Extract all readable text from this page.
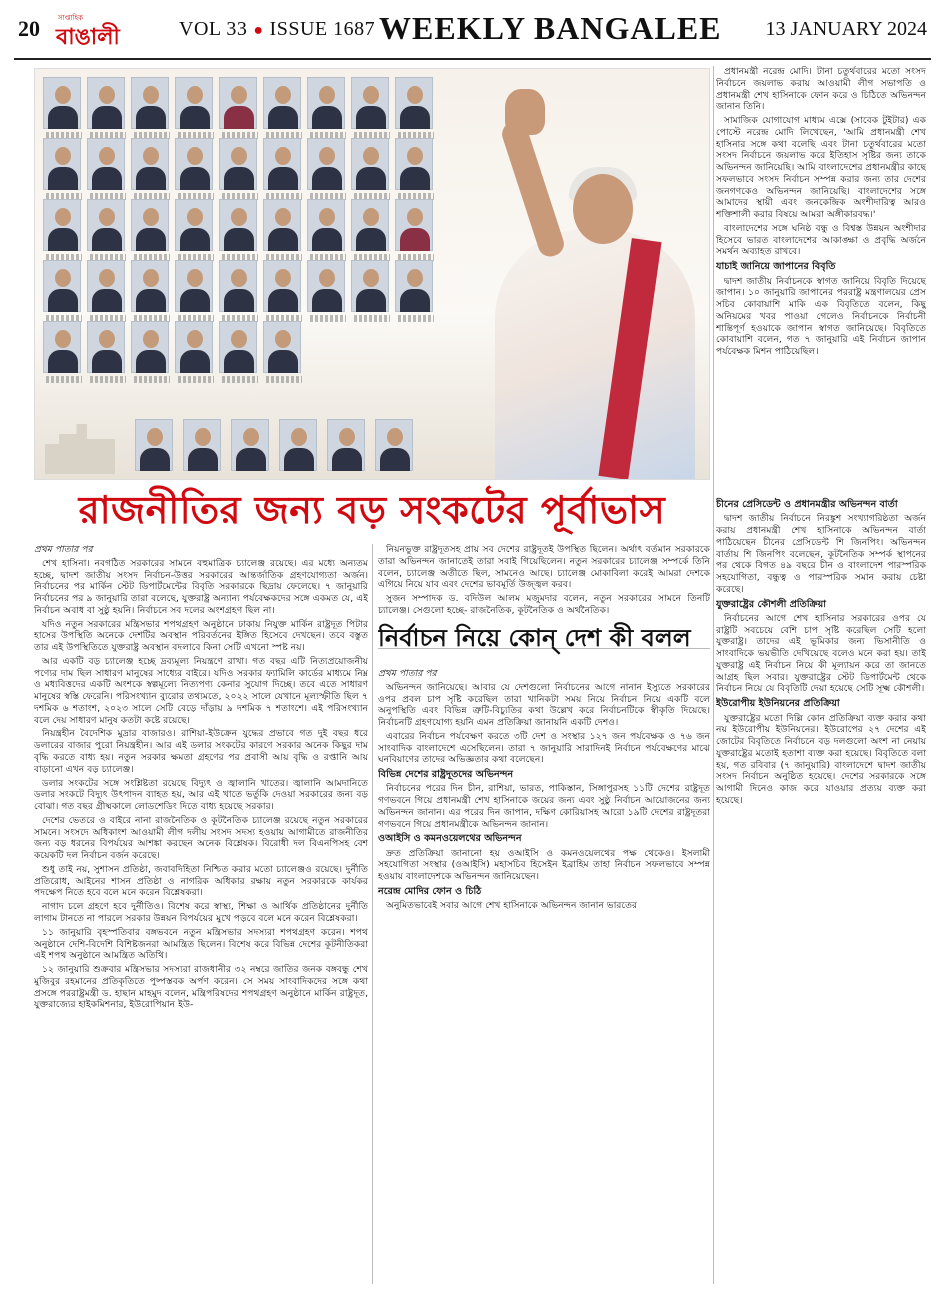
20	সাপ্তাহিক
বাঙালী	VOL 33 ● ISSUE 1687 WEEKLY BANGALEE 13 JANUARY 2024
রাজনীতির জন্য বড় সংকটের পূর্বাভাস

প্রথম পাতার পর

শেখ হাসিনা। নবগঠিত সরকারের সামনে বহুমাত্রিক চ্যালেঞ্জ রয়েছে। এর মধ্যে অন্যতম হচ্ছে, দ্বাদশ জাতীয় সংসদ নির্বাচন-উত্তর সরকারের আন্তর্জাতিক গ্রহণযোগ্যতা অর্জন। নির্বাচনের পর মার্কিন স্টেট ডিপার্টমেন্টের বিবৃতি সরকারকে ছিদ্রায় ফেলেছে। ৭ জানুয়ারি নির্বাচনের পর ৯ জানুয়ারি তারা বলেছে, যুক্তরাষ্ট্র অন্যান্য পর্যবেক্ষকদের সঙ্গে একমত যে, এই নির্বাচন অবাধ বা সুষ্ঠু হয়নি। নির্বাচনে সব দলের অংশগ্রহণ ছিল না।

যদিও নতুন সরকারের মন্ত্রিসভার শপথগ্রহণ অনুষ্ঠানে ঢাকায় নিযুক্ত মার্কিন রাষ্ট্রদূত পিটার হাসের উপস্থিতি অনেকে দেশটির অবস্থান পরিবর্তনের ইঙ্গিত হিসেবে দেখছেন। তবে বস্তুত তার এই উপস্থিতিতে যুক্তরাষ্ট্র অবস্থান বদলাবে কিনা সেটি এখনো স্পষ্ট নয়।

আর একটি বড় চ্যালেঞ্জ হচ্ছে দ্রব্যমূল্য নিয়ন্ত্রণে রাখা। গত বছর এটি নিত্যপ্রয়োজনীয় পণ্যের দাম ছিল সাধারণ মানুষের সাধ্যের বাইরে। যদিও সরকার ফ্যামিলি কার্ডের মাধ্যমে নিম্ন ও মধ্যবিত্তদের একটি অংশকে স্বল্পমূল্যে নিত্যপণ্য কেনার সুযোগ দিচ্ছে। তবে এতে সাধারণ মানুষের স্বস্তি ফেরেনি। পরিসংখ্যান ব্যুরোর তথ্যমতে, ২০২২ সালে যেখানে মূল্যস্ফীতি ছিল ৭ দশমিক ৬ শতাংশ, ২০২৩ সালে সেটি বেড়ে দাঁড়ায় ৯ দশমিক ৭ শতাংশে। এই পরিসংখ্যান বলে দেয় সাধারণ মানুষ কতটা কষ্টে রয়েছে।

নিয়ন্ত্রহীন বৈদেশিক মুদ্রার বাজারও। রাশিয়া-ইউক্রেন যুদ্ধের প্রভাবে গত দুই বছর ধরে ডলারের বাজার পুরো নিয়ন্ত্রহীন। আর এই ডলার সংকটের কারণে সরকার অনেক কিছুর দাম বৃদ্ধি করতে বাধ্য হয়। নতুন সরকার ক্ষমতা গ্রহণের পর প্রবাসী আয় বৃদ্ধি ও রপ্তানি আয় বাড়ানো এখন বড় চ্যালেঞ্জ।

ডলার সংকটের সঙ্গে সংশ্লিষ্টতা রয়েছে বিদ্যুৎ ও জ্বালানি খাতের। জ্বালানি আমদানিতে ডলার সংকটে বিদ্যুৎ উৎপাদন ব্যাহত হয়, আর এই খাতে ভর্তুকি দেওয়া সরকারের জন্য বড় বোঝা। গত বছর গ্রীষ্মকালে লোডশেডিং দিতে বাধ্য হয়েছে সরকার।

দেশের ভেতরে ও বাইরে নানা রাজনৈতিক ও কূটনৈতিক চ্যালেঞ্জ রয়েছে নতুন সরকারের সামনে। সংসদে অধিকাংশ আওয়ামী লীগ দলীয় সংসদ সদস্য হওয়ায় আগামীতে রাজনীতির জন্য বড় ধরনের বিপর্যয়ের আশঙ্কা করছেন অনেক বিশ্লেষক। বিরোধী দল বিএনপিসহ বেশ কয়েকটি দল নির্বাচন বর্জন করেছে।

শুধু তাই নয়, সুশাসন প্রতিষ্ঠা, জবাবদিহিতা নিশ্চিত করার মতো চ্যালেঞ্জও রয়েছে। দুর্নীতি প্রতিরোধ, আইনের শাসন প্রতিষ্ঠা ও নাগরিক অধিকার রক্ষায় নতুন সরকারকে কার্যকর পদক্ষেপ নিতে হবে বলে মনে করেন বিশ্লেষকরা।

নাগাদ চলে গ্রহণে হবে দুর্নীতিও। বিশেষ করে স্বাস্থ্য, শিক্ষা ও আর্থিক প্রতিষ্ঠানের দুর্নীতি লাগাম টানতে না পারলে সরকার উন্নয়ন বিপর্যয়ের মুখে পড়বে বলে মনে করেন বিশ্লেষকরা।

১১ জানুয়ারি বৃহস্পতিবার বঙ্গভবনে নতুন মন্ত্রিসভার সদস্যরা শপথগ্রহণ করেন। শপথ অনুষ্ঠানে দেশি-বিদেশি বিশিষ্টজনরা আমন্ত্রিত ছিলেন। বিশেষ করে বিভিন্ন দেশের কূটনীতিকরা এই শপথ অনুষ্ঠানে আমন্ত্রিত অতিথি।

১২ জানুয়ারি শুক্রবার মন্ত্রিসভার সদস্যরা রাজধানীর ৩২ নম্বরে জাতির জনক বঙ্গবন্ধু শেখ মুজিবুর রহমানের প্রতিকৃতিতে পুষ্পস্তবক অর্পণ করেন। সে সময় সাংবাদিকদের সঙ্গে কথা প্রসঙ্গে পররাষ্ট্রমন্ত্রী ড. হাছান মাহমুদ বলেন, মন্ত্রিপরিষদের শপথগ্রহণ অনুষ্ঠানে মার্কিন রাষ্ট্রদূত, যুক্তরাজ্যের হাইকমিশনার, ইউরোপিয়ান ইউ-

নিয়নভুক্ত রাষ্ট্রদূতসহ প্রায় সব দেশের রাষ্ট্রদূতই উপস্থিত ছিলেন। অর্থাৎ বর্তমান সরকারকে তারা অভিনন্দন জানাতেই তারা সবাই গিয়েছিলেন। নতুন সরকারের চ্যালেঞ্জ সম্পর্কে তিনি বলেন, চ্যালেঞ্জ অতীতে ছিল, সামনেও আছে। চ্যালেঞ্জ মোকাবিলা করেই আমরা দেশকে এগিয়ে নিয়ে যাব এবং দেশের ভাবমূর্তি উজ্জ্বল করব।

সুজন সম্পাদক ড. বদিউল আলম মজুমদার বলেন, নতুন সরকারের সামনে তিনটি চ্যালেঞ্জ। সেগুলো হচ্ছে- রাজনৈতিক, কূটনৈতিক ও অর্থনৈতিক।

নির্বাচন নিয়ে কোন্ দেশ কী বলল

প্রথম পাতার পর

অভিনন্দন জানিয়েছে। আবার যে দেশগুলো নির্বাচনের আগে নানান ইস্যুতে সরকারের ওপর প্রবল চাপ সৃষ্টি করেছিল তারা খানিকটা সময় নিয়ে নির্বাচন নিয়ে একটি বলে অনুপস্থিতি এবং বিভিন্ন ত্রুটি-বিচ্যুতির কথা উল্লেখ করে নির্বাচনটিকে স্বীকৃতি দিয়েছে। নির্বাচনটি গ্রহণযোগ্য হয়নি এমন প্রতিক্রিয়া জানায়নি একটি দেশও।

এবারের নির্বাচন পর্যবেক্ষণ করতে ৩টি দেশ ও সংস্থার ১২৭ জন পর্যবেক্ষক ও ৭৬ জন সাংবাদিক বাংলাদেশে এসেছিলেন। তারা ৭ জানুয়ারি সারাদিনই নির্বাচন পর্যবেক্ষণের মাঝে ঘনবিয়াণের তাদের অভিজ্ঞতার কথা বলেছেন।

বিভিন্ন দেশের রাষ্ট্রদূতদের অভিনন্দন

নির্বাচনের পরের দিন চীন, রাশিয়া, ভারত, পাকিস্তান, সিঙ্গাপুরসহ ১১টি দেশের রাষ্ট্রদূত গণভবনে গিয়ে প্রধানমন্ত্রী শেখ হাসিনাকে জয়ের জন্য এবং সুষ্ঠু নির্বাচন আয়োজনের জন্য অভিনন্দন জানান। এর পরের দিন জাপান, দক্ষিণ কোরিয়াসহ আরো ১৯টি দেশের রাষ্ট্রদূতরা গণভবনে গিয়ে প্রধানমন্ত্রীকে অভিনন্দন জানান।

ওআইসি ও কমনওয়েলথের অভিনন্দন

দ্রুত প্রতিক্রিয়া জানানো হয় ওআইসি ও কমনওয়েলথের পক্ষ থেকেও। ইসলামী সহযোগিতা সংস্থার (ওআইসি) মহাসচিব হিসেইন ইব্রাহিম তাহা নির্বাচন সফলভাবে সম্পন্ন হওয়ায় বাংলাদেশকে অভিনন্দন জানিয়েছেন।

নরেন্দ্র মোদির ফোন ও চিঠি

অনুমিতভাবেই সবার আগে শেখ হাসিনাকে অভিনন্দন জানান ভারতের

প্রধানমন্ত্রী নরেন্দ্র মোদি। টানা চতুর্থবারের মতো সংসদ নির্বাচনে জয়লাভ করায় আওয়ামী লীগ সভাপতি ও প্রধানমন্ত্রী শেখ হাসিনাকে ফোন করে ও চিঠিতে অভিনন্দন জানান তিনি।

সামাজিক যোগাযোগ মাধ্যম এক্সে (সাবেক টুইটার) এক পোস্টে নরেন্দ্র মোদি লিখেছেন, 'আমি প্রধানমন্ত্রী শেখ হাসিনার সঙ্গে কথা বলেছি এবং টানা চতুর্থবারের মতো সংসদ নির্বাচনে জয়লাভ করে ইতিহাস সৃষ্টির জন্য তাকে অভিনন্দন জানিয়েছি। আমি বাংলাদেশের প্রধানমন্ত্রীর কাছে সফলভাবে সংসদ নির্বাচন সম্পন্ন করার জন্য তার দেশের জনগণকেও অভিনন্দন জানিয়েছি। বাংলাদেশের সঙ্গে আমাদের স্থায়ী এবং জনকেন্দ্রিক অংশীদারিত্ব আরও শক্তিশালী করার বিষয়ে আমরা অঙ্গীকারবদ্ধ।'

বাংলাদেশের সঙ্গে ঘনিষ্ঠ বন্ধু ও বিশ্বস্ত উন্নয়ন অংশীদার হিসেবে ভারত বাংলাদেশের আকাঙ্ক্ষা ও প্রবৃদ্ধি অর্জনে সমর্থন অব্যাহত রাখবে।

যাচাই জানিয়ে জাপানের বিবৃতি

দ্বাদশ জাতীয় নির্বাচনকে স্বাগত জানিয়ে বিবৃতি দিয়েছে জাপান। ১০ জানুয়ারি জাপানের পররাষ্ট্র মন্ত্রণালয়ের প্রেস সচিব কোবায়াশি মাকি এক বিবৃতিতে বলেন, কিছু অনিয়মের খবর পাওয়া গেলেও নির্বাচনকে নির্বাচনী শান্তিপূর্ণ হওয়াকে জাপান স্বাগত জানিয়েছে। বিবৃতিতে কোবায়াশি বলেন, গত ৭ জানুয়ারি এই নির্বাচন জাপান পর্যবেক্ষক মিশন পাঠিয়েছিল।

চীনের প্রেসিডেন্ট ও প্রধানমন্ত্রীর অভিনন্দন বার্তা

দ্বাদশ জাতীয় নির্বাচনে নিরঙ্কুশ সংখ্যাগরিষ্ঠতা অর্জন করায় প্রধানমন্ত্রী শেখ হাসিনাকে অভিনন্দন বার্তা পাঠিয়েছেন চীনের প্রেসিডেন্ট শি জিনপিং। অভিনন্দন বার্তায় শি জিনপিং বলেছেন, কূটনৈতিক সম্পর্ক স্থাপনের পর থেকে বিগত ৪৯ বছরে চীন ও বাংলাদেশ পারস্পরিক সহযোগিতা, বন্ধুত্ব ও পারস্পরিক সমান করায় চেষ্টা করেছে।

যুক্তরাষ্ট্রের কৌশলী প্রতিক্রিয়া

নির্বাচনের আগে শেখ হাসিনার সরকারের ওপর যে রাষ্ট্রটি সবচেয়ে বেশি চাপ সৃষ্টি করেছিল সেটি হলো যুক্তরাষ্ট্র। তাদের এই ভূমিকার জন্য ভিসানীতি ও সাংবাদিকে ভয়ভীতি দেখিয়েছে বলেও মনে করা হয়। তাই যুক্তরাষ্ট্র এই নির্বাচন নিয়ে কী মূল্যায়ন করে তা জানতে আগ্রহ ছিল সবার। যুক্তরাষ্ট্রের স্টেট ডিপার্টমেন্ট থেকে নির্বাচন নিয়ে যে বিবৃতিটি দেয়া হয়েছে সেটি সূক্ষ্ম কৌশলী।

ইউরোপীয় ইউনিয়নের প্রতিক্রিয়া

যুক্তরাষ্ট্রের মতো দিল্লি কোন প্রতিক্রিয়া ব্যক্ত করার কথা নয় ইউরোপীয় ইউনিয়নের। ইউরোপের ২৭ দেশের এই জোটের বিবৃতিতে নির্বাচনে বড় দলগুলো অংশ না নেয়ায় যুক্তরাষ্ট্রের মতোই হতাশা ব্যক্ত করা হয়েছে। বিবৃতিতে বলা হয়, গত রবিবার (৭ জানুয়ারি) বাংলাদেশে দ্বাদশ জাতীয় সংসদ নির্বাচন অনুষ্ঠিত হয়েছে। দেশের সরকারকে সঙ্গে আগামী দিনেও কাজ করে যাওয়ার প্রত্যয় ব্যক্ত করা হয়েছে।
